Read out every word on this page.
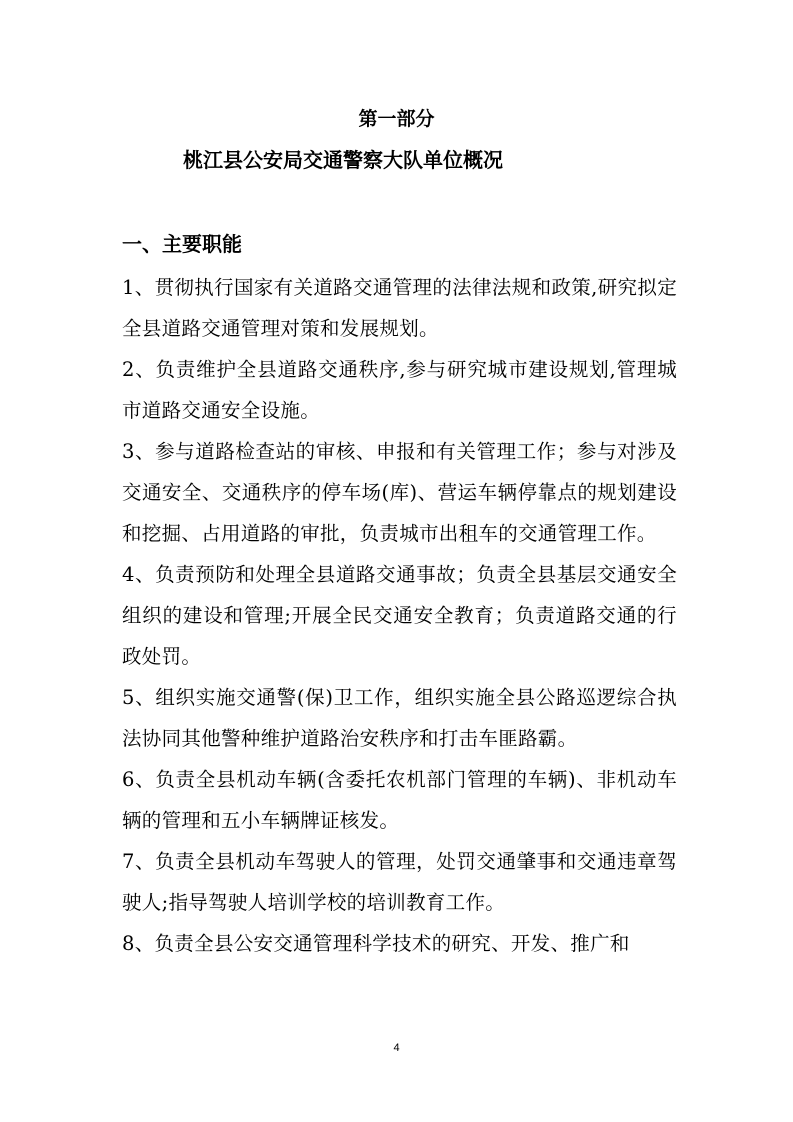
第一部分
桃江县公安局交通警察大队单位概况
一、主要职能

1、贯彻执行国家有关道路交通管理的法律法规和政策,研究拟定全县道路交通管理对策和发展规划。

2、负责维护全县道路交通秩序,参与研究城市建设规划,管理城市道路交通安全设施。

3、参与道路检查站的审核、申报和有关管理工作；参与对涉及交通安全、交通秩序的停车场(库)、营运车辆停靠点的规划建设和挖掘、占用道路的审批，负责城市出租车的交通管理工作。

4、负责预防和处理全县道路交通事故；负责全县基层交通安全组织的建设和管理;开展全民交通安全教育；负责道路交通的行政处罚。

5、组织实施交通警(保)卫工作，组织实施全县公路巡逻综合执法协同其他警种维护道路治安秩序和打击车匪路霸。

6、负责全县机动车辆(含委托农机部门管理的车辆)、非机动车辆的管理和五小车辆牌证核发。

7、负责全县机动车驾驶人的管理，处罚交通肇事和交通违章驾驶人;指导驾驶人培训学校的培训教育工作。

8、负责全县公安交通管理科学技术的研究、开发、推广和

4
